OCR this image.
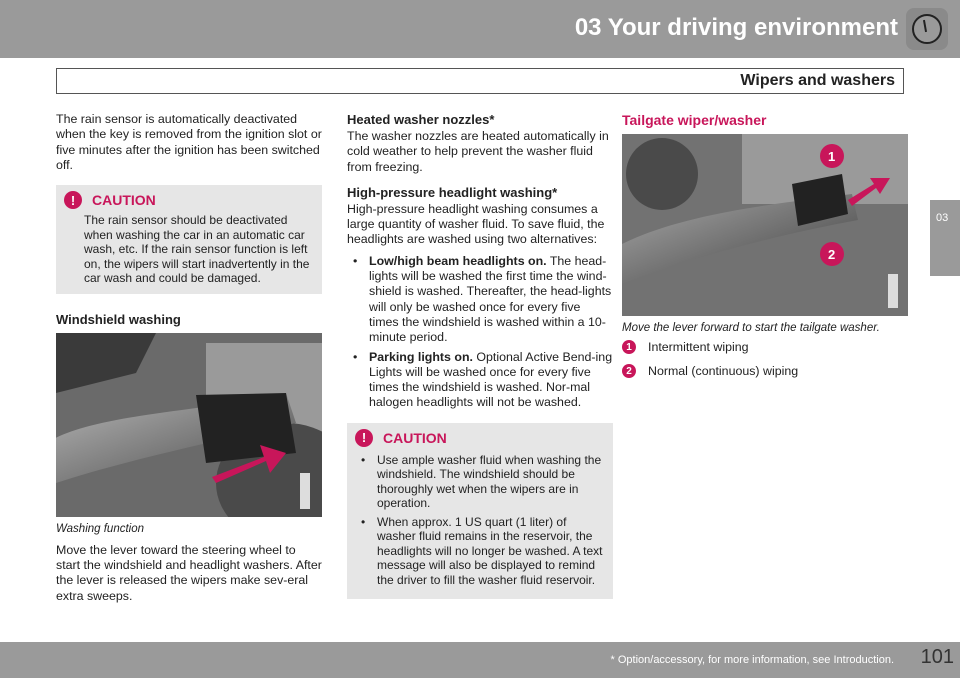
03 Your driving environment
Wipers and washers
03

The rain sensor is automatically deactivated when the key is removed from the ignition slot or five minutes after the ignition has been switched off.

!	CAUTION

The rain sensor should be deactivated when washing the car in an automatic car wash, etc. If the rain sensor function is left on, the wipers will start inadvertently in the car wash and could be damaged.

Windshield washing
Washing function

Move the lever toward the steering wheel to start the windshield and headlight washers. After the lever is released the wipers make sev-eral extra sweeps.

Heated washer nozzles*

The washer nozzles are heated automatically in cold weather to help prevent the washer fluid from freezing.

High-pressure headlight washing*

High-pressure headlight washing consumes a large quantity of washer fluid. To save fluid, the headlights are washed using two alternatives:

• Low/high beam headlights on. The head-lights will be washed the first time the wind-shield is washed. Thereafter, the head-lights will only be washed once for every five times the windshield is washed within a 10-minute period.
• Parking lights on. Optional Active Bend-ing Lights will be washed once for every five times the windshield is washed. Nor-mal halogen headlights will not be washed.
!	CAUTION
• Use ample washer fluid when washing the windshield. The windshield should be thoroughly wet when the wipers are in operation.
• When approx. 1 US quart (1 liter) of washer fluid remains in the reservoir, the headlights will no longer be washed. A text message will also be displayed to remind the driver to fill the washer fluid reservoir.
Tailgate wiper/washer
1
2
Move the lever forward to start the tailgate washer.
1	Intermittent wiping
2	Normal (continuous) wiping
* Option/accessory, for more information, see Introduction. 101
